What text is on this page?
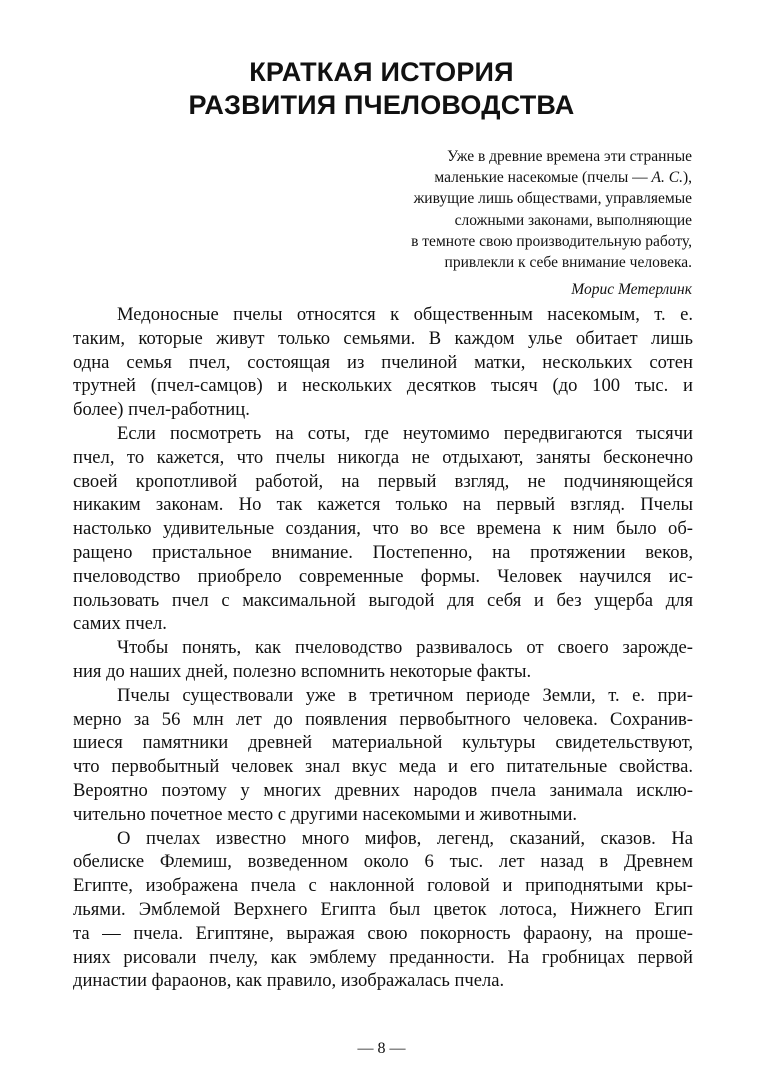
КРАТКАЯ ИСТОРИЯ
РАЗВИТИЯ ПЧЕЛОВОДСТВА
Уже в древние времена эти странные
маленькие насекомые (пчелы — А. С.),
живущие лишь обществами, управляемые
сложными законами, выполняющие
в темноте свою производительную работу,
привлекли к себе внимание человека.
Морис Метерлинк
Медоносные пчелы относятся к общественным насекомым, т. е.
таким, которые живут только семьями. В каждом улье обитает лишь
одна семья пчел, состоящая из пчелиной матки, нескольких сотен
трутней (пчел-самцов) и нескольких десятков тысяч (до 100 тыс. и
более) пчел-работниц.
Если посмотреть на соты, где неутомимо передвигаются тысячи
пчел, то кажется, что пчелы никогда не отдыхают, заняты бесконечно
своей кропотливой работой, на первый взгляд, не подчиняющейся
никаким законам. Но так кажется только на первый взгляд. Пчелы
настолько удивительные создания, что во все времена к ним было об-
ращено пристальное внимание. Постепенно, на протяжении веков,
пчеловодство приобрело современные формы. Человек научился ис-
пользовать пчел с максимальной выгодой для себя и без ущерба для
самих пчел.
Чтобы понять, как пчеловодство развивалось от своего зарожде-
ния до наших дней, полезно вспомнить некоторые факты.
Пчелы существовали уже в третичном периоде Земли, т. е. при-
мерно за 56 млн лет до появления первобытного человека. Сохранив-
шиеся памятники древней материальной культуры свидетельствуют,
что первобытный человек знал вкус меда и его питательные свойства.
Вероятно поэтому у многих древних народов пчела занимала исклю-
чительно почетное место с другими насекомыми и животными.
О пчелах известно много мифов, легенд, сказаний, сказов. На
обелиске Флемиш, возведенном около 6 тыс. лет назад в Древнем
Египте, изображена пчела с наклонной головой и приподнятыми кры-
льями. Эмблемой Верхнего Египта был цветок лотоса, Нижнего Егип
та — пчела. Египтяне, выражая свою покорность фараону, на проше-
ниях рисовали пчелу, как эмблему преданности. На гробницах первой
династии фараонов, как правило, изображалась пчела.
— 8 —
